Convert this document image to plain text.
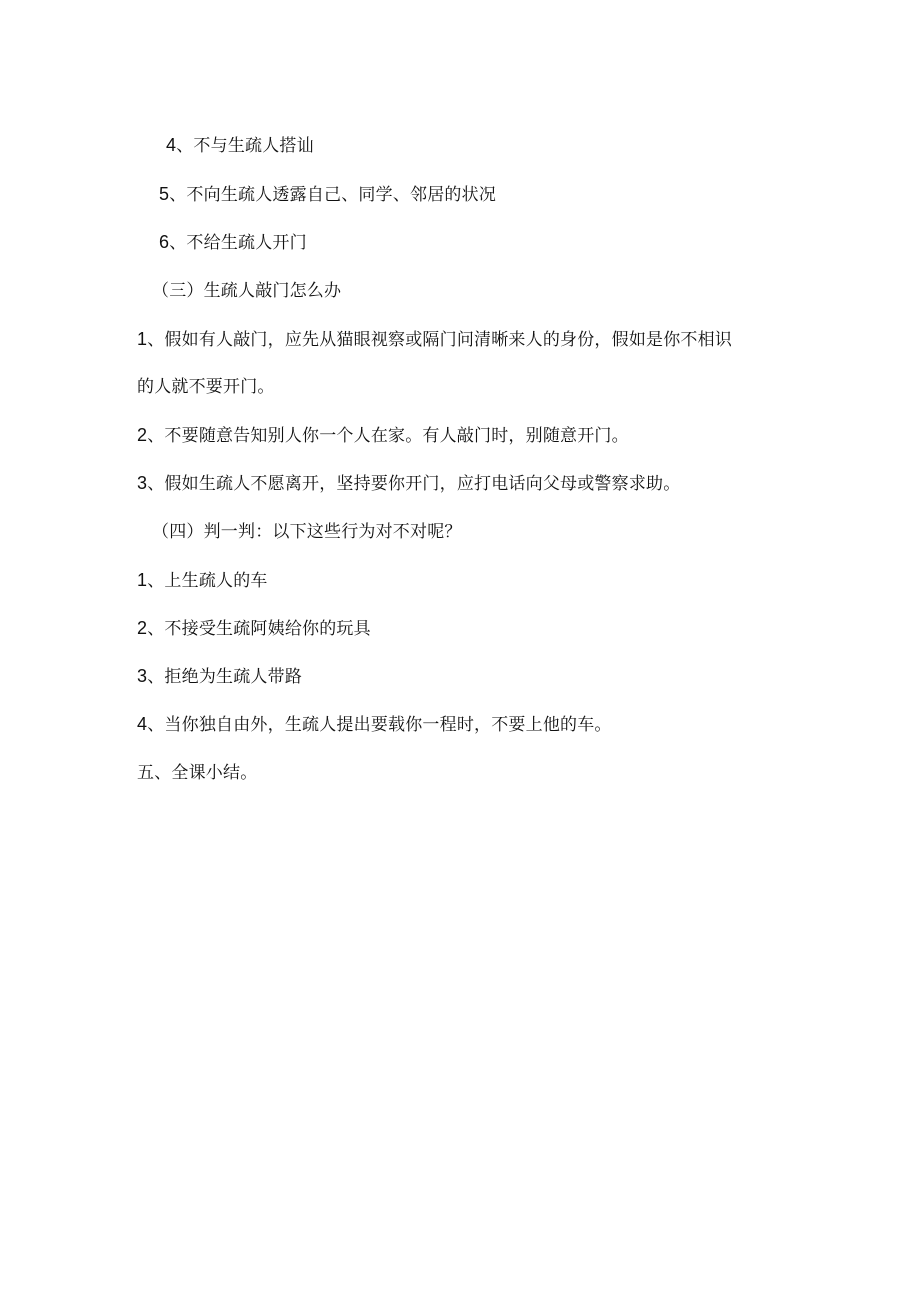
4、不与生疏人搭讪
5、不向生疏人透露自己、同学、邻居的状况
6、不给生疏人开门
（三）生疏人敲门怎么办
1、假如有人敲门，应先从猫眼视察或隔门问清晰来人的身份，假如是你不相识
的人就不要开门。
2、不要随意告知别人你一个人在家。有人敲门时，别随意开门。
3、假如生疏人不愿离开，坚持要你开门，应打电话向父母或警察求助。
（四）判一判：以下这些行为对不对呢？
1、上生疏人的车
2、不接受生疏阿姨给你的玩具
3、拒绝为生疏人带路
4、当你独自由外，生疏人提出要载你一程时，不要上他的车。
五、全课小结。
